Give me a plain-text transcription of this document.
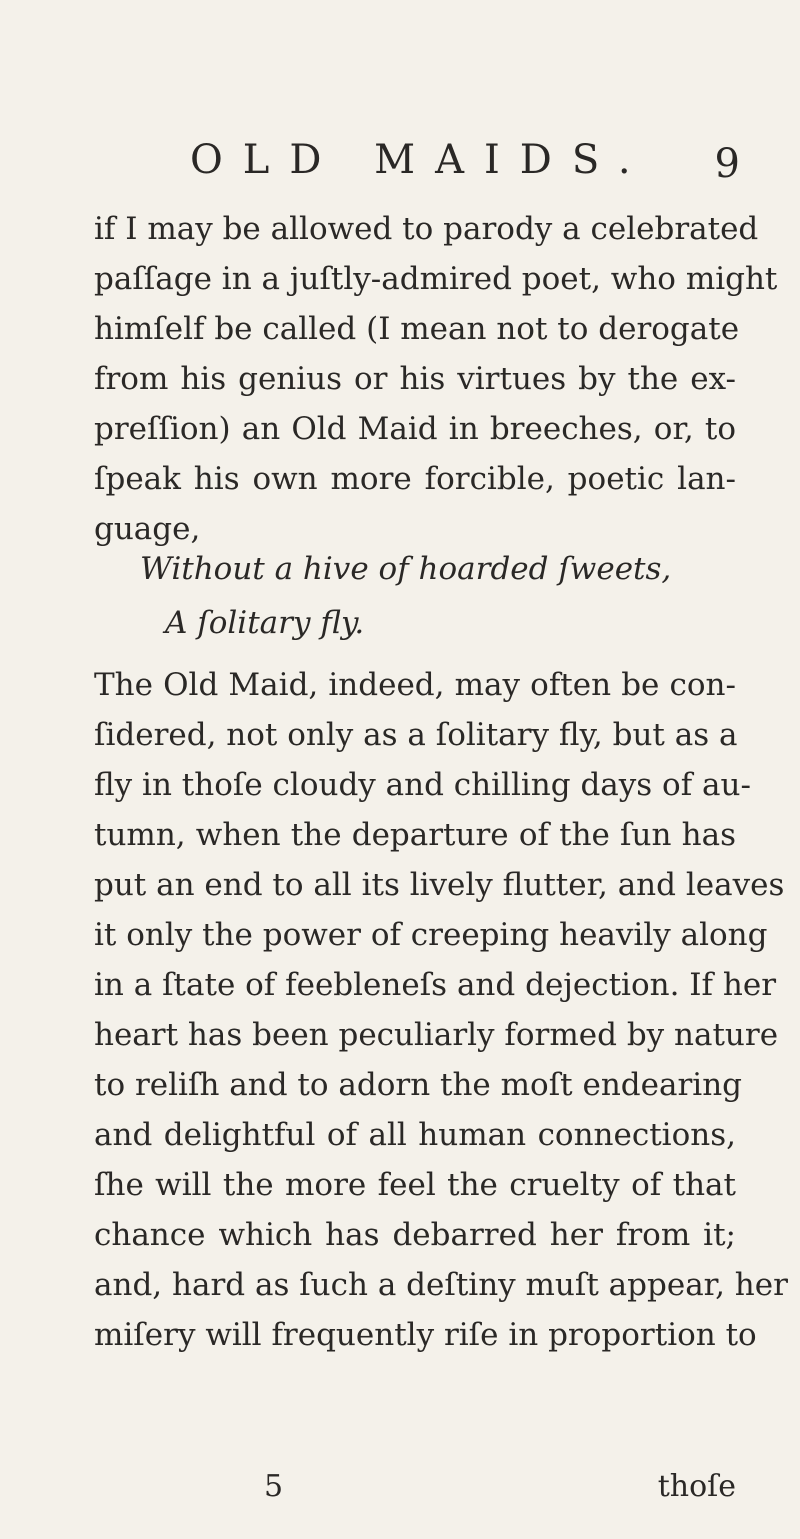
OLD MAIDS. 9
if I may be allowed to parody a celebrated
paſſage in a juſtly-admired poet, who might
himſelf be called (I mean not to derogate
from his genius or his virtues by the ex-
preſſion) an Old Maid in breeches, or, to
ſpeak his own more forcible, poetic lan-
guage,
Without a hive of hoarded ſweets,
A ſolitary fly.
The Old Maid, indeed, may often be con-
ſidered, not only as a ſolitary fly, but as a
fly in thoſe cloudy and chilling days of au-
tumn, when the departure of the ſun has
put an end to all its lively flutter, and leaves
it only the power of creeping heavily along
in a ſtate of feebleneſs and dejection. If her
heart has been peculiarly formed by nature
to reliſh and to adorn the moſt endearing
and delightful of all human connections,
ſhe will the more feel the cruelty of that
chance which has debarred her from it;
and, hard as ſuch a deſtiny muſt appear, her
miſery will frequently riſe in proportion to
5	thoſe
